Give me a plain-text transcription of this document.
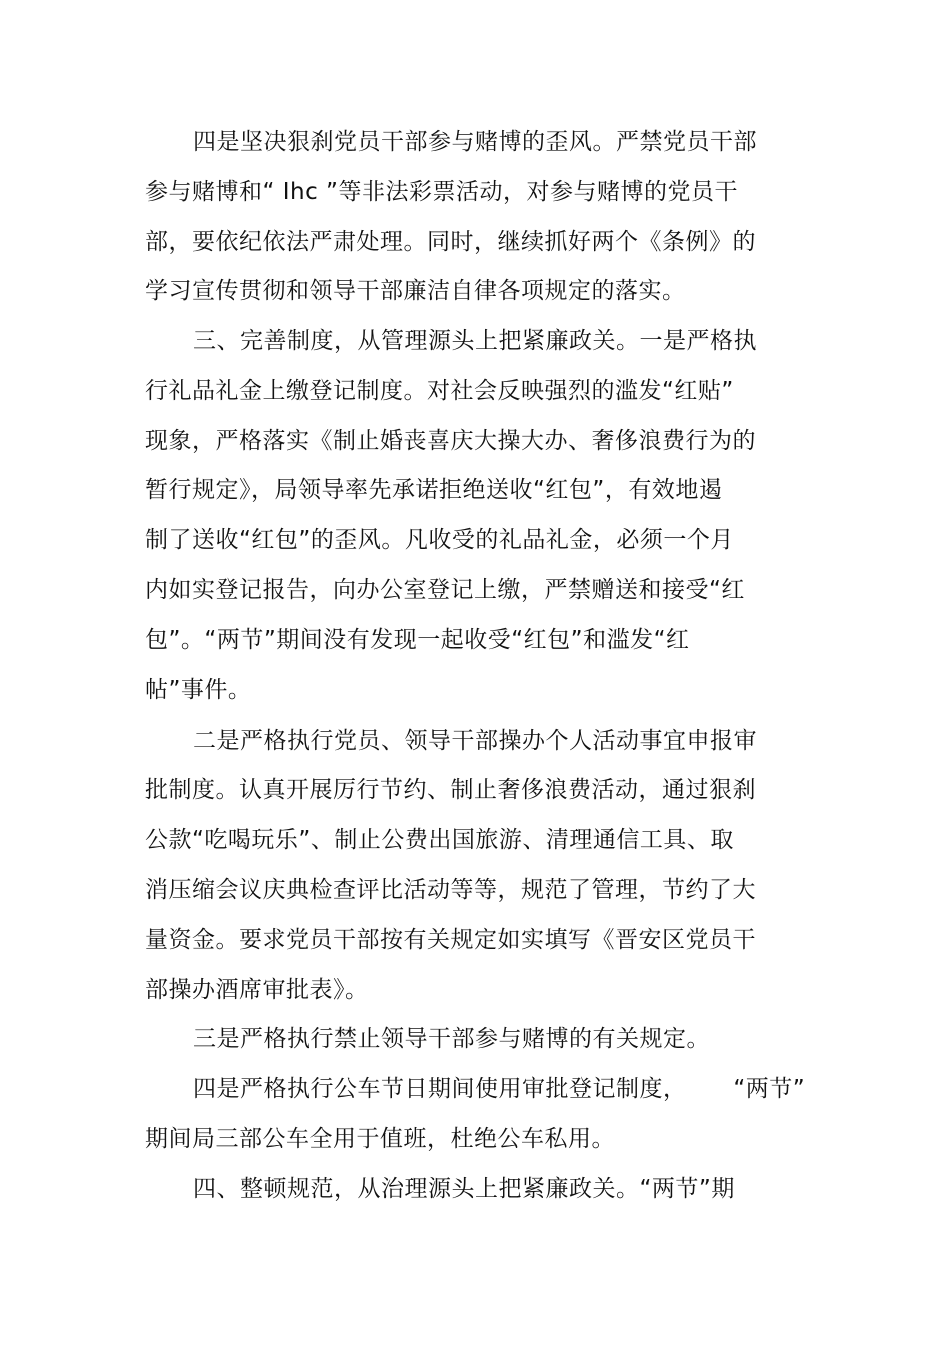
四是坚决狠刹党员干部参与赌博的歪风。严禁党员干部
参与赌博和“ Ihc ”等非法彩票活动，对参与赌博的党员干
部，要依纪依法严肃处理。同时，继续抓好两个《条例》的
学习宣传贯彻和领导干部廉洁自律各项规定的落实。
三、完善制度，从管理源头上把紧廉政关。一是严格执
行礼品礼金上缴登记制度。对社会反映强烈的滥发“红贴”
现象，严格落实《制止婚丧喜庆大操大办、奢侈浪费行为的
暂行规定》，局领导率先承诺拒绝送收“红包”，有效地遏
制了送收“红包”的歪风。凡收受的礼品礼金，必须一个月
内如实登记报告，向办公室登记上缴，严禁赠送和接受“红
包”。“两节”期间没有发现一起收受“红包”和滥发“红
帖”事件。
二是严格执行党员、领导干部操办个人活动事宜申报审
批制度。认真开展厉行节约、制止奢侈浪费活动，通过狠刹
公款“吃喝玩乐”、制止公费出国旅游、清理通信工具、取
消压缩会议庆典检查评比活动等等，规范了管理，节约了大
量资金。要求党员干部按有关规定如实填写《晋安区党员干
部操办酒席审批表》。
三是严格执行禁止领导干部参与赌博的有关规定。
四是严格执行公车节日期间使用审批登记制度，      “两节”
期间局三部公车全用于值班，杜绝公车私用。
四、整顿规范，从治理源头上把紧廉政关。“两节”期
